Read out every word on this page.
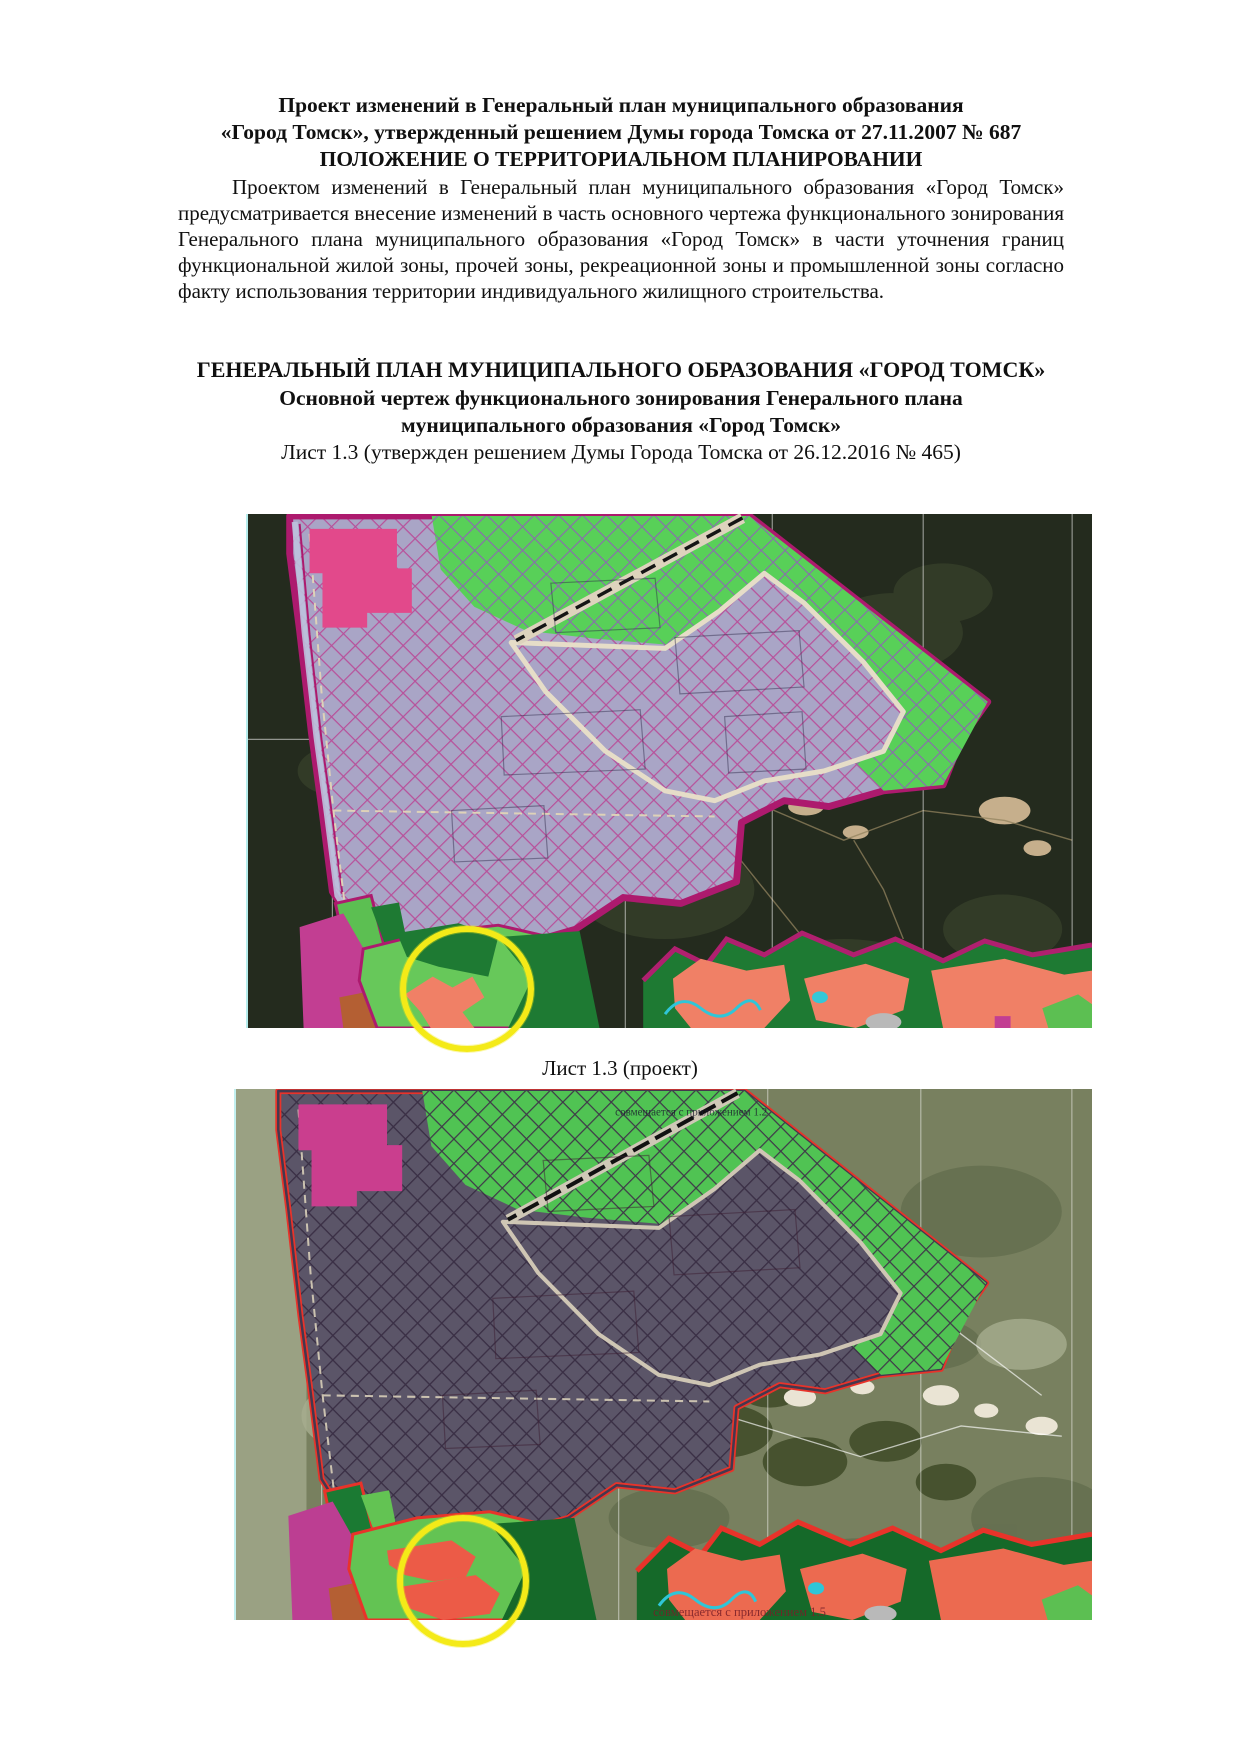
Проект изменений в Генеральный план муниципального образования
«Город Томск», утвержденный решением Думы города Томска от 27.11.2007 № 687
ПОЛОЖЕНИЕ О ТЕРРИТОРИАЛЬНОМ ПЛАНИРОВАНИИ

Проектом изменений в Генеральный план муниципального образования «Город Томск» предусматривается внесение изменений в часть основного чертежа функционального зонирования Генерального плана муниципального образования «Город Томск» в части уточнения границ функциональной жилой зоны, прочей зоны, рекреационной зоны и промышленной зоны согласно факту использования территории индивидуального жилищного строительства.

ГЕНЕРАЛЬНЫЙ ПЛАН МУНИЦИПАЛЬНОГО ОБРАЗОВАНИЯ «ГОРОД ТОМСК»
Основной чертеж функционального зонирования Генерального плана
муниципального образования «Город Томск»
Лист 1.3 (утвержден решением Думы Города Томска от 26.12.2016 № 465)
Лист 1.3 (проект)
совмещается с приложением 1.2
совмещается с приложением 1.5
